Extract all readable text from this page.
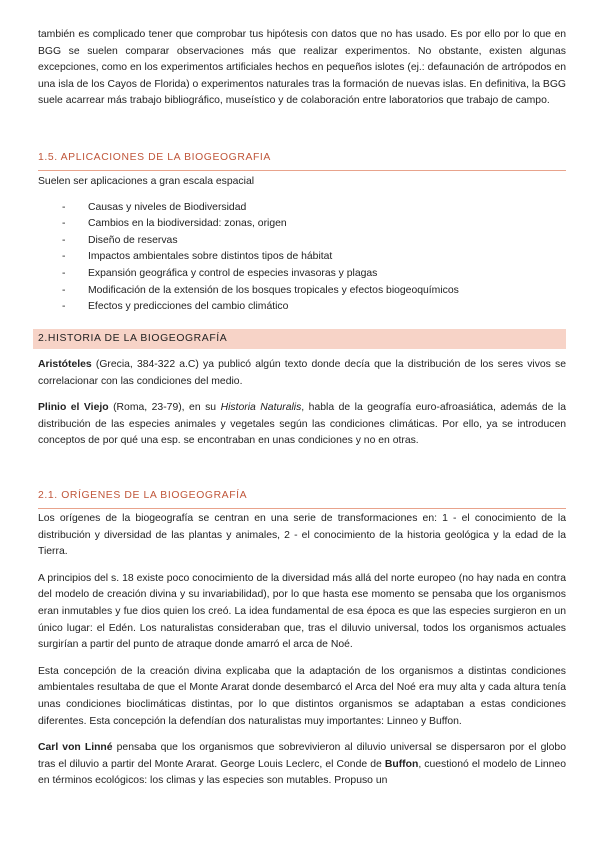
también es complicado tener que comprobar tus hipótesis con datos que no has usado. Es por ello por lo que en BGG se suelen comparar observaciones más que realizar experimentos. No obstante, existen algunas excepciones, como en los experimentos artificiales hechos en pequeños islotes (ej.: defaunación de artrópodos en una isla de los Cayos de Florida) o experimentos naturales tras la formación de nuevas islas. En definitiva, la BGG suele acarrear más trabajo bibliográfico, museístico y de colaboración entre laboratorios que trabajo de campo.

1.5. APLICACIONES DE LA BIOGEOGRAFIA

Suelen ser aplicaciones a gran escala espacial

- Causas y niveles de Biodiversidad
- Cambios en la biodiversidad: zonas, origen
- Diseño de reservas
- Impactos ambientales sobre distintos tipos de hábitat
- Expansión geográfica y control de especies invasoras y plagas
- Modificación de la extensión de los bosques tropicales y efectos biogeoquímicos
- Efectos y predicciones del cambio climático
2.HISTORIA DE LA BIOGEOGRAFÍA

Aristóteles (Grecia, 384-322 a.C) ya publicó algún texto donde decía que la distribución de los seres vivos se correlacionar con las condiciones del medio.

Plinio el Viejo (Roma, 23-79), en su Historia Naturalis, habla de la geografía euro-afroasiática, además de la distribución de las especies animales y vegetales según las condiciones climáticas. Por ello, ya se introducen conceptos de por qué una esp. se encontraban en unas condiciones y no en otras.

2.1. ORÍGENES DE LA BIOGEOGRAFÍA

Los orígenes de la biogeografía se centran en una serie de transformaciones en: 1 - el conocimiento de la distribución y diversidad de las plantas y animales, 2 - el conocimiento de la historia geológica y la edad de la Tierra.

A principios del s. 18 existe poco conocimiento de la diversidad más allá del norte europeo (no hay nada en contra del modelo de creación divina y su invariabilidad), por lo que hasta ese momento se pensaba que los organismos eran inmutables y fue dios quien los creó. La idea fundamental de esa época es que las especies surgieron en un único lugar: el Edén. Los naturalistas consideraban que, tras el diluvio universal, todos los organismos actuales surgirían a partir del punto de atraque donde amarró el arca de Noé.

Esta concepción de la creación divina explicaba que la adaptación de los organismos a distintas condiciones ambientales resultaba de que el Monte Ararat donde desembarcó el Arca del Noé era muy alta y cada altura tenía unas condiciones bioclimáticas distintas, por lo que distintos organismos se adaptaban a estas condiciones diferentes. Esta concepción la defendían dos naturalistas muy importantes: Linneo y Buffon.

Carl von Linné pensaba que los organismos que sobrevivieron al diluvio universal se dispersaron por el globo tras el diluvio a partir del Monte Ararat. George Louis Leclerc, el Conde de Buffon, cuestionó el modelo de Linneo en términos ecológicos: los climas y las especies son mutables. Propuso un
